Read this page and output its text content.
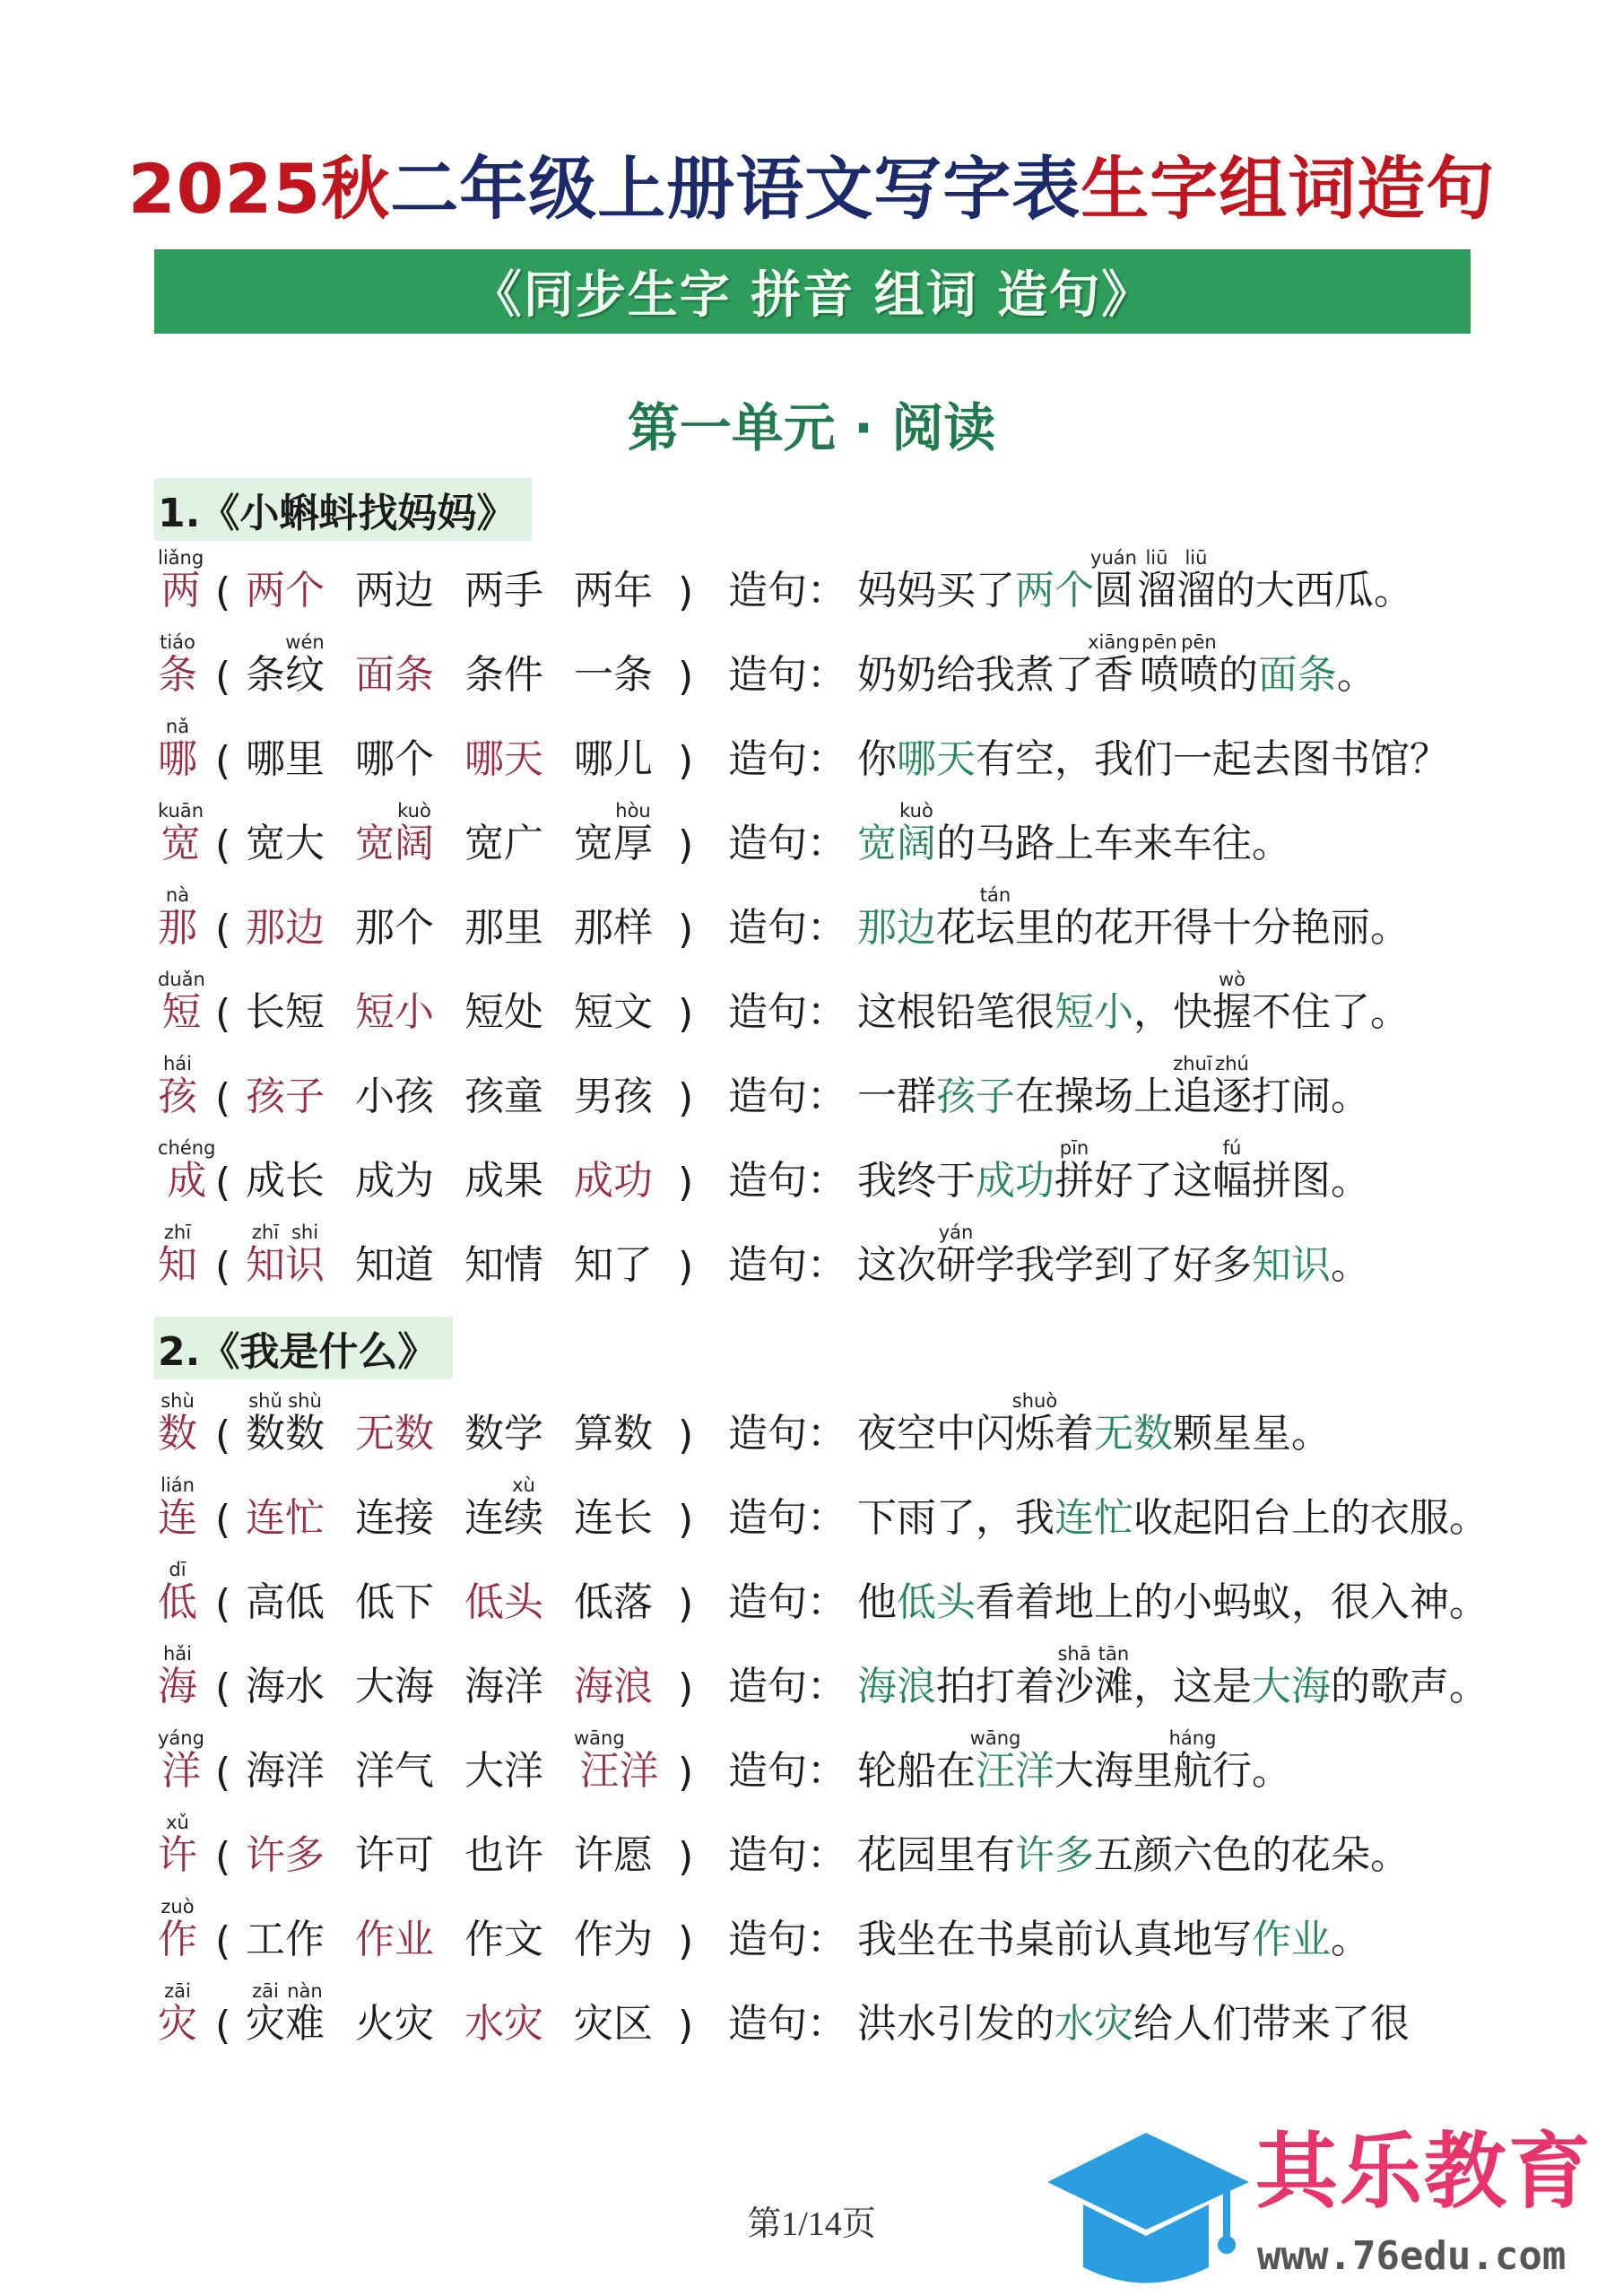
2025秋二年级上册语文写字表生字组词造句
《同步生字 拼音 组词 造句》
第一单元 · 阅读
1.《小蝌蚪找妈妈》
两liǎng
( 两个 两边 两手 两年 ) 造句： 妈妈买了两个圆yuán溜liū溜liū的大西瓜。
条tiáo
( 条纹wén
面条 条件 一条 ) 造句： 奶奶给我煮了香xiāng喷pēn喷pēn的面条。
哪nǎ
( 哪里 哪个 哪天 哪儿 ) 造句： 你哪天有空，我们一起去图书馆？
宽kuān
( 宽大 宽阔kuò
宽广 宽厚hòu
) 造句： 宽阔kuò的马路上车来车往。
那nà
( 那边 那个 那里 那样 ) 造句： 那边花坛tán里的花开得十分艳丽。
短duǎn
( 长短 短小 短处 短文 ) 造句： 这根铅笔很短小，快握wò不住了。
孩hái
( 孩子 小孩 孩童 男孩 ) 造句： 一群孩子在操场上追zhuī逐zhú打闹。
成chéng
( 成长 成为 成果 成功 ) 造句： 我终于成功拼pīn好了这幅fú拼图。
知zhī
( 知zhī识shi
知道 知情 知了 ) 造句： 这次研yán学我学到了好多知识。
2.《我是什么》
数shù
( 数shǔ数shù
无数 数学 算数 ) 造句： 夜空中闪烁shuò着无数颗星星。
连lián
( 连忙 连接 连续xù
连长 ) 造句： 下雨了，我连忙收起阳台上的衣服。
低dī
( 高低 低下 低头 低落 ) 造句： 他低头看着地上的小蚂蚁，很入神。
海hǎi
( 海水 大海 海洋 海浪 ) 造句： 海浪拍打着沙shā滩tān，这是大海的歌声。
洋yáng
( 海洋 洋气 大洋 汪wāng洋 ) 造句： 轮船在汪wāng洋大海里航háng行。
许xǔ
( 许多 许可 也许 许愿 ) 造句： 花园里有许多五颜六色的花朵。
作zuò
( 工作 作业 作文 作为 ) 造句： 我坐在书桌前认真地写作业。
灾zāi
( 灾zāi难nàn
火灾 水灾 灾区 ) 造句： 洪水引发的水灾给人们带来了很
第1/14页
其乐教育
www.76edu.com
